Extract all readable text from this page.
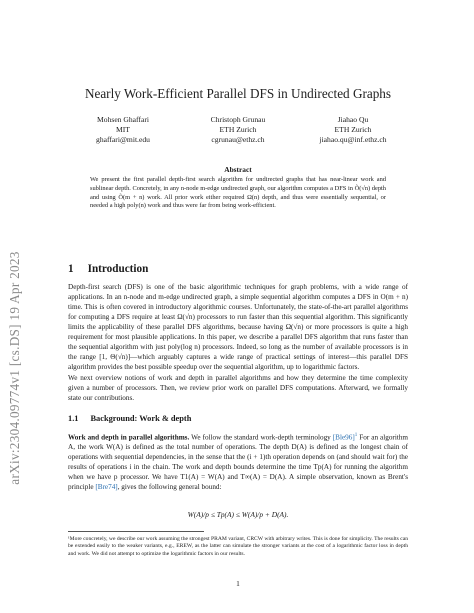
arXiv:2304.09774v1 [cs.DS] 19 Apr 2023
Nearly Work-Efficient Parallel DFS in Undirected Graphs
Mohsen Ghaffari
MIT
ghaffari@mit.edu
Christoph Grunau
ETH Zurich
cgrunau@ethz.ch
Jiahao Qu
ETH Zurich
jiahao.qu@inf.ethz.ch
Abstract
We present the first parallel depth-first search algorithm for undirected graphs that has near-linear work and sublinear depth. Concretely, in any n-node m-edge undirected graph, our algorithm computes a DFS in Õ(√n) depth and using Õ(m + n) work. All prior work either required Ω(n) depth, and thus were essentially sequential, or needed a high poly(n) work and thus were far from being work-efficient.
1 Introduction
Depth-first search (DFS) is one of the basic algorithmic techniques for graph problems, with a wide range of applications. In an n-node and m-edge undirected graph, a simple sequential algorithm computes a DFS in O(m + n) time. This is often covered in introductory algorithmic courses. Unfortunately, the state-of-the-art parallel algorithms for computing a DFS require at least Ω(√n) processors to run faster than this sequential algorithm. This significantly limits the applicability of these parallel DFS algorithms, because having Ω(√n) or more processors is quite a high requirement for most plausible applications. In this paper, we describe a parallel DFS algorithm that runs faster than the sequential algorithm with just poly(log n) processors. Indeed, so long as the number of available processors is in the range [1, Θ(√n)]—which arguably captures a wide range of practical settings of interest—this parallel DFS algorithm provides the best possible speedup over the sequential algorithm, up to logarithmic factors.
We next overview notions of work and depth in parallel algorithms and how they determine the time complexity given a number of processors. Then, we review prior work on parallel DFS computations. Afterward, we formally state our contributions.
1.1 Background: Work & depth
Work and depth in parallel algorithms. We follow the standard work-depth terminology [Ble96]$^1$ For an algorithm A, the work W(A) is defined as the total number of operations. The depth D(A) is defined as the longest chain of operations with sequential dependencies, in the sense that the (i + 1)th operation depends on (and should wait for) the results of operations i in the chain. The work and depth bounds determine the time Tp(A) for running the algorithm when we have p processor. We have T1(A) = W(A) and T∞(A) = D(A). A simple observation, known as Brent's principle [Bre74], gives the following general bound:
W(A)/p ≤ Tp(A) ≤ W(A)/p + D(A).
¹More concretely, we describe our work assuming the strongest PRAM variant, CRCW with arbitrary writes. This is done for simplicity. The results can be extended easily to the weaker variants, e.g., EREW, as the latter can simulate the stronger variants at the cost of a logarithmic factor loss in depth and work. We did not attempt to optimize the logarithmic factors in our results.
1
